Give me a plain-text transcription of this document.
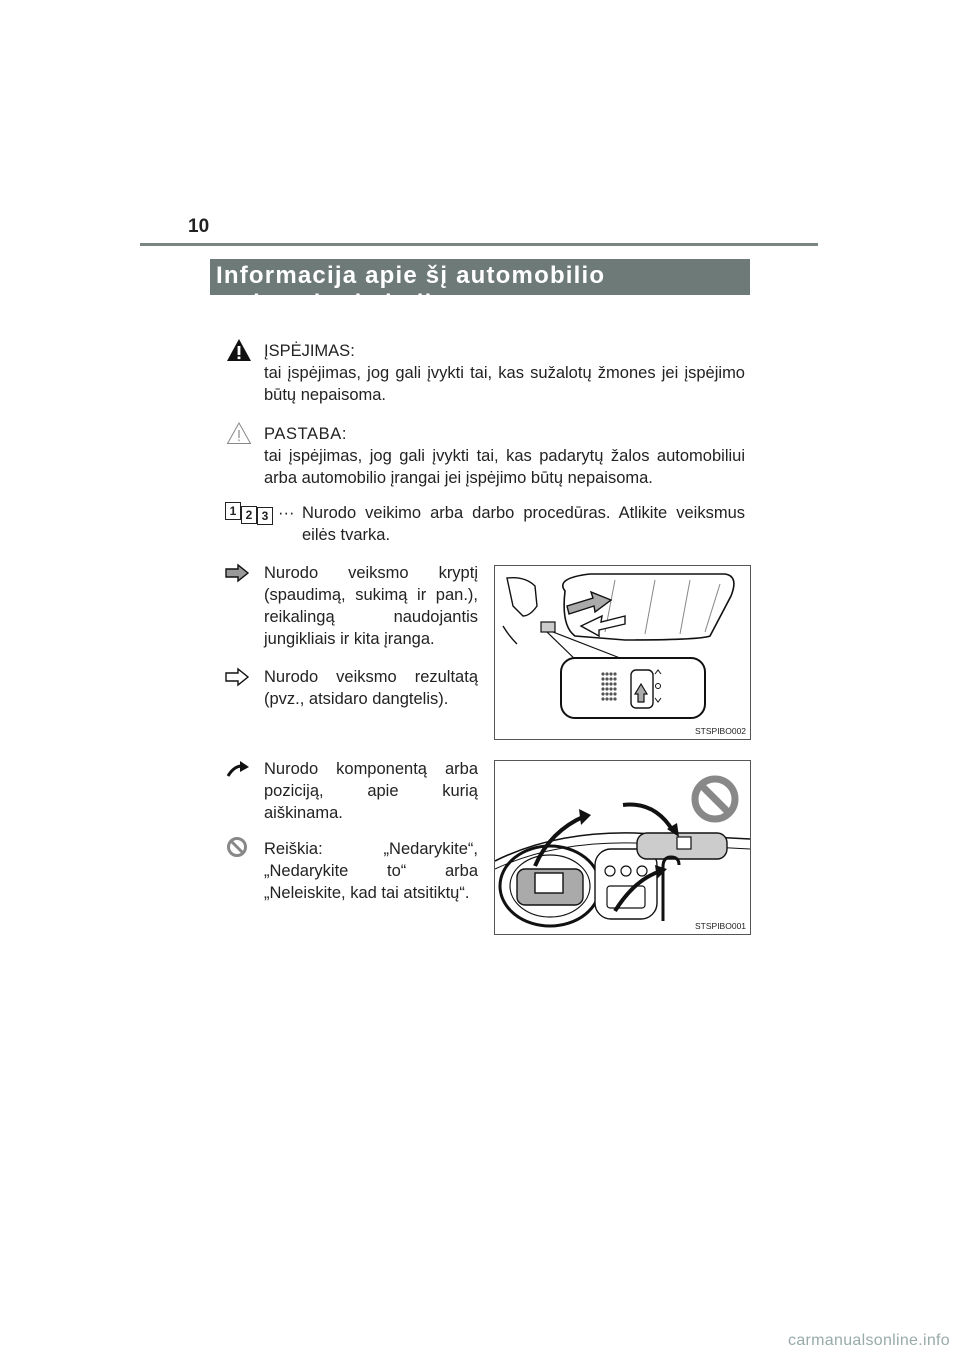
10
Informacija apie šį automobilio
vadovą ir simbolius
ĮSPĖJIMAS:
tai įspėjimas, jog gali įvykti tai, kas sužalotų žmones jei įspėjimo
būtų nepaisoma.
PASTABA:
tai įspėjimas, jog gali įvykti tai, kas padarytų žalos automobiliui
arba automobilio įrangai jei įspėjimo būtų nepaisoma.
1 2 3 ··· Nurodo veikimo arba darbo procedūras. Atlikite veiksmus
eilės tvarka.
Nurodo veiksmo kryptį
(spaudimą, sukimą ir pan.),
reikalingą naudojantis
jungikliais ir kita įranga.
Nurodo veiksmo rezultatą
(pvz., atsidaro dangtelis).
STSPIBO002
Nurodo komponentą arba
poziciją, apie kurią
aiškinama.
Reiškia: „Nedarykite“,
„Nedarykite to“ arba
„Neleiskite, kad tai atsitiktų“.
STSPIBO001
carmanualsonline.info
